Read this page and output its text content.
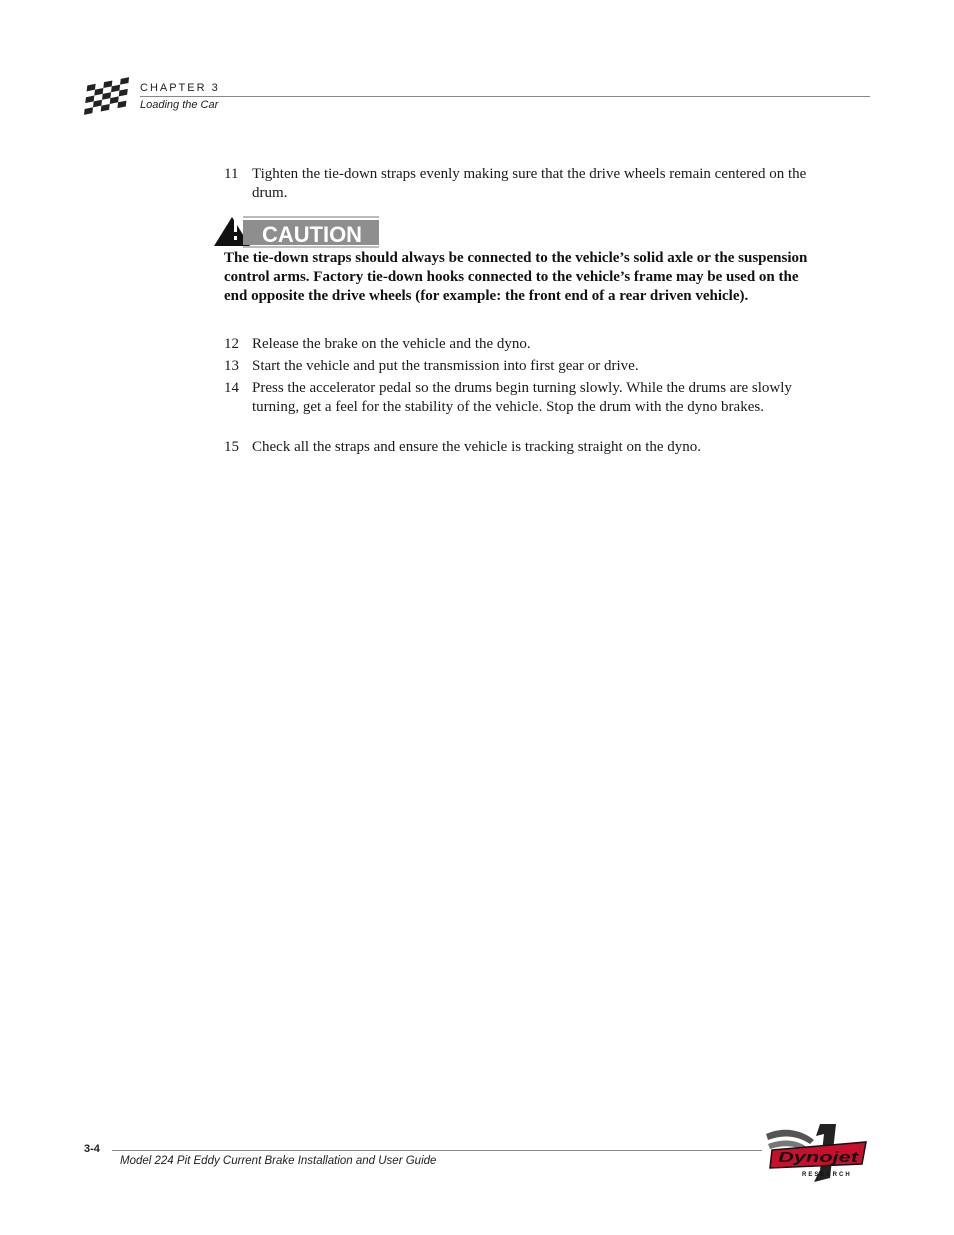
CHAPTER 3
Loading the Car
11 Tighten the tie-down straps evenly making sure that the drive wheels remain centered on the drum.
CAUTION
The tie-down straps should always be connected to the vehicle’s solid axle or the suspension control arms. Factory tie-down hooks connected to the vehicle’s frame may be used on the end opposite the drive wheels (for example: the front end of a rear driven vehicle).
12 Release the brake on the vehicle and the dyno.
13 Start the vehicle and put the transmission into first gear or drive.
14 Press the accelerator pedal so the drums begin turning slowly. While the drums are slowly turning, get a feel for the stability of the vehicle. Stop the drum with the dyno brakes.
15 Check all the straps and ensure the vehicle is tracking straight on the dyno.
3-4
Model 224 Pit Eddy Current Brake Installation and User Guide	Dynojet
RESEARCH
